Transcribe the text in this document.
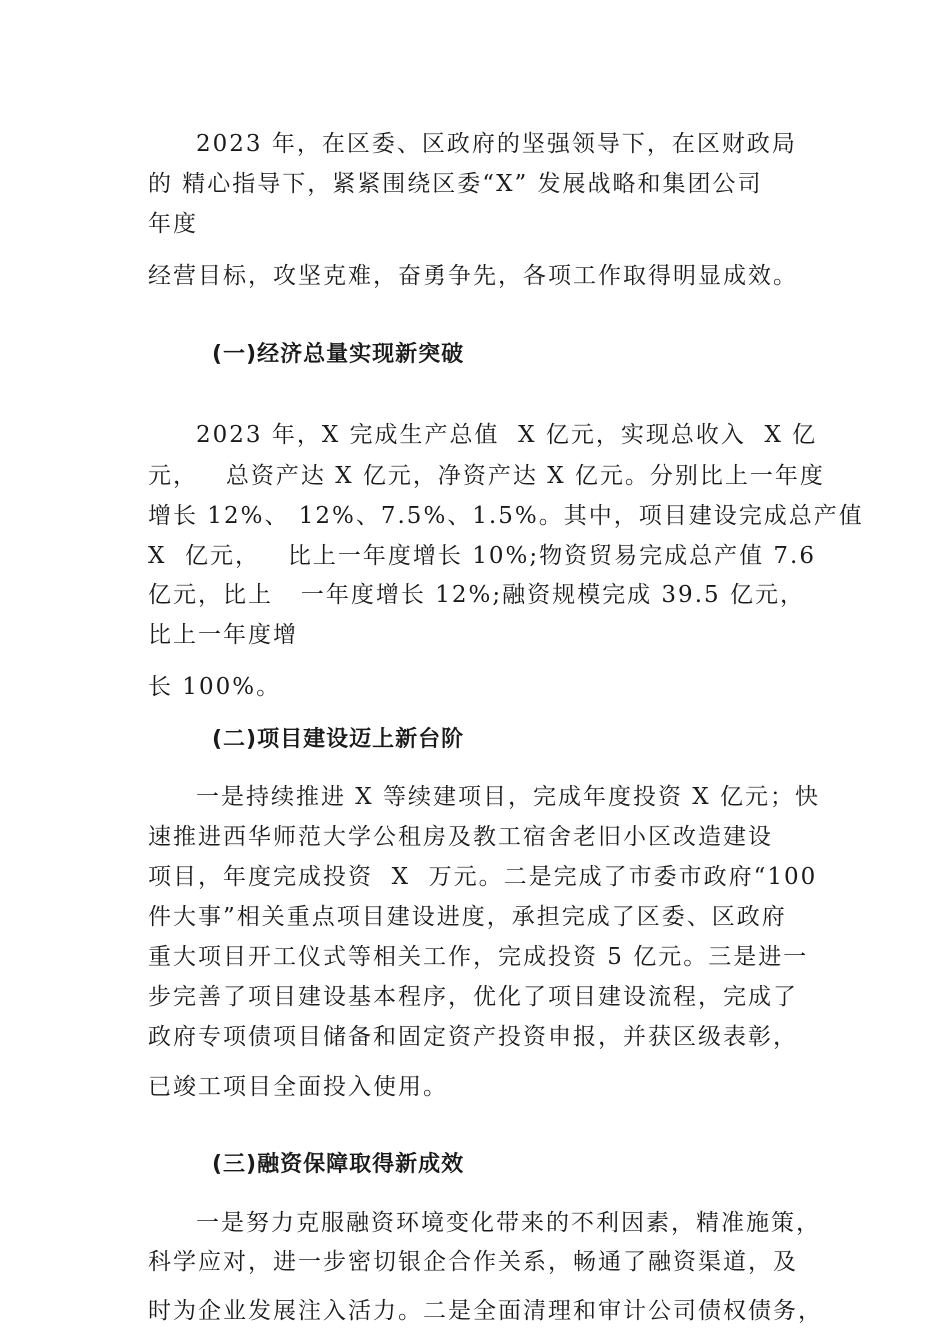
2023 年，在区委、区政府的坚强领导下，在区财政局
的 精心指导下，紧紧围绕区委“X” 发展战略和集团公司
年度
经营目标，攻坚克难，奋勇争先，各项工作取得明显成效。
(一)经济总量实现新突破
2023 年，X 完成生产总值  X 亿元，实现总收入  X 亿
元，   总资产达 X 亿元，净资产达 X 亿元。分别比上一年度
增长 12%、 12%、7.5%、1.5%。其中，项目建设完成总产值
X  亿元，   比上一年度增长 10%;物资贸易完成总产值 7.6
亿元，比上   一年度增长 12%;融资规模完成 39.5 亿元，
比上一年度增
长 100%。
(二)项目建设迈上新台阶
一是持续推进 X 等续建项目，完成年度投资 X 亿元；快
速推进西华师范大学公租房及教工宿舍老旧小区改造建设
项目，年度完成投资  X  万元。二是完成了市委市政府“100
件大事”相关重点项目建设进度，承担完成了区委、区政府
重大项目开工仪式等相关工作，完成投资 5 亿元。三是进一
步完善了项目建设基本程序，优化了项目建设流程，完成了
政府专项债项目储备和固定资产投资申报，并获区级表彰，
已竣工项目全面投入使用。
(三)融资保障取得新成效
一是努力克服融资环境变化带来的不利因素，精准施策，
科学应对，进一步密切银企合作关系，畅通了融资渠道，及
时为企业发展注入活力。二是全面清理和审计公司债权债务，
